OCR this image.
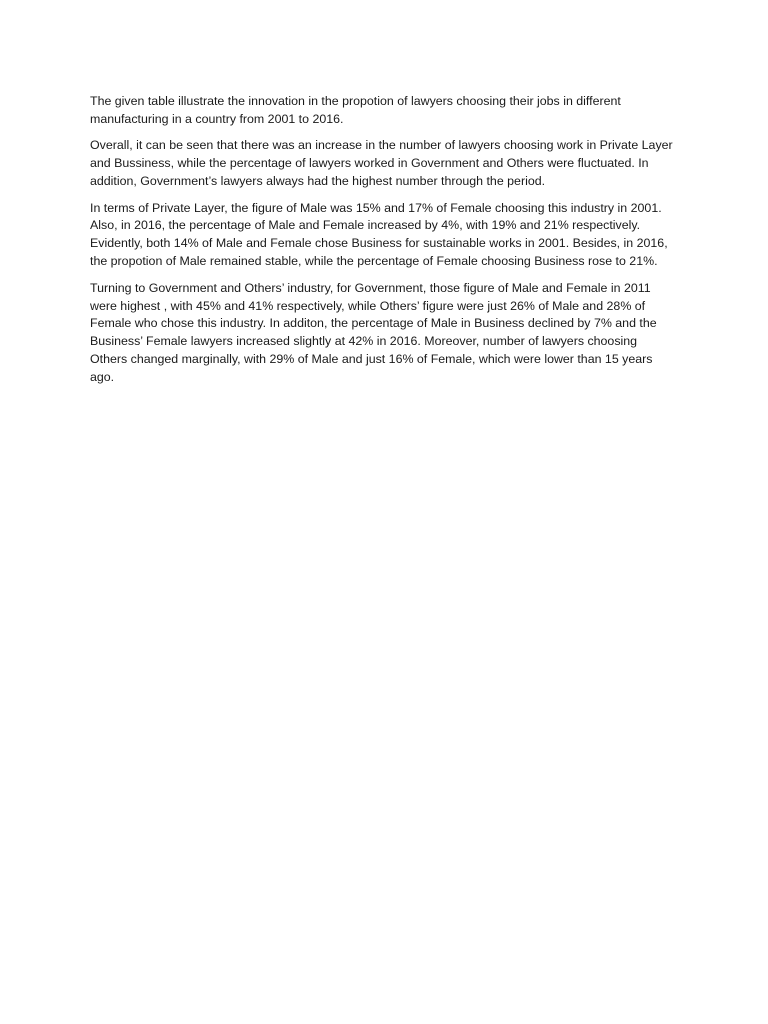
The given table illustrate the innovation in the propotion of lawyers choosing their jobs in different manufacturing in a country from 2001 to 2016.

Overall, it can be seen that there was an increase in the number of lawyers choosing work in Private Layer and Bussiness, while the percentage of lawyers worked in Government and Others were fluctuated. In addition, Government’s lawyers always had the highest number through the period.

In terms of Private Layer, the figure of Male was 15% and 17% of Female choosing this industry in 2001. Also, in 2016, the percentage of Male and Female increased by 4%, with 19% and 21% respectively. Evidently, both 14% of Male and Female chose Business for sustainable works in 2001. Besides, in 2016, the propotion of Male remained stable, while the percentage of Female choosing Business rose to 21%.

Turning to Government and Others’ industry, for Government, those figure of Male and Female in 2011 were highest , with 45% and 41% respectively, while Others’ figure were just 26% of Male and 28% of Female who chose this industry. In additon, the percentage of Male in Business declined by 7% and the Business’ Female lawyers increased slightly at 42% in 2016. Moreover, number of lawyers choosing Others changed marginally, with 29% of Male and just 16% of Female, which were lower than 15 years ago.
